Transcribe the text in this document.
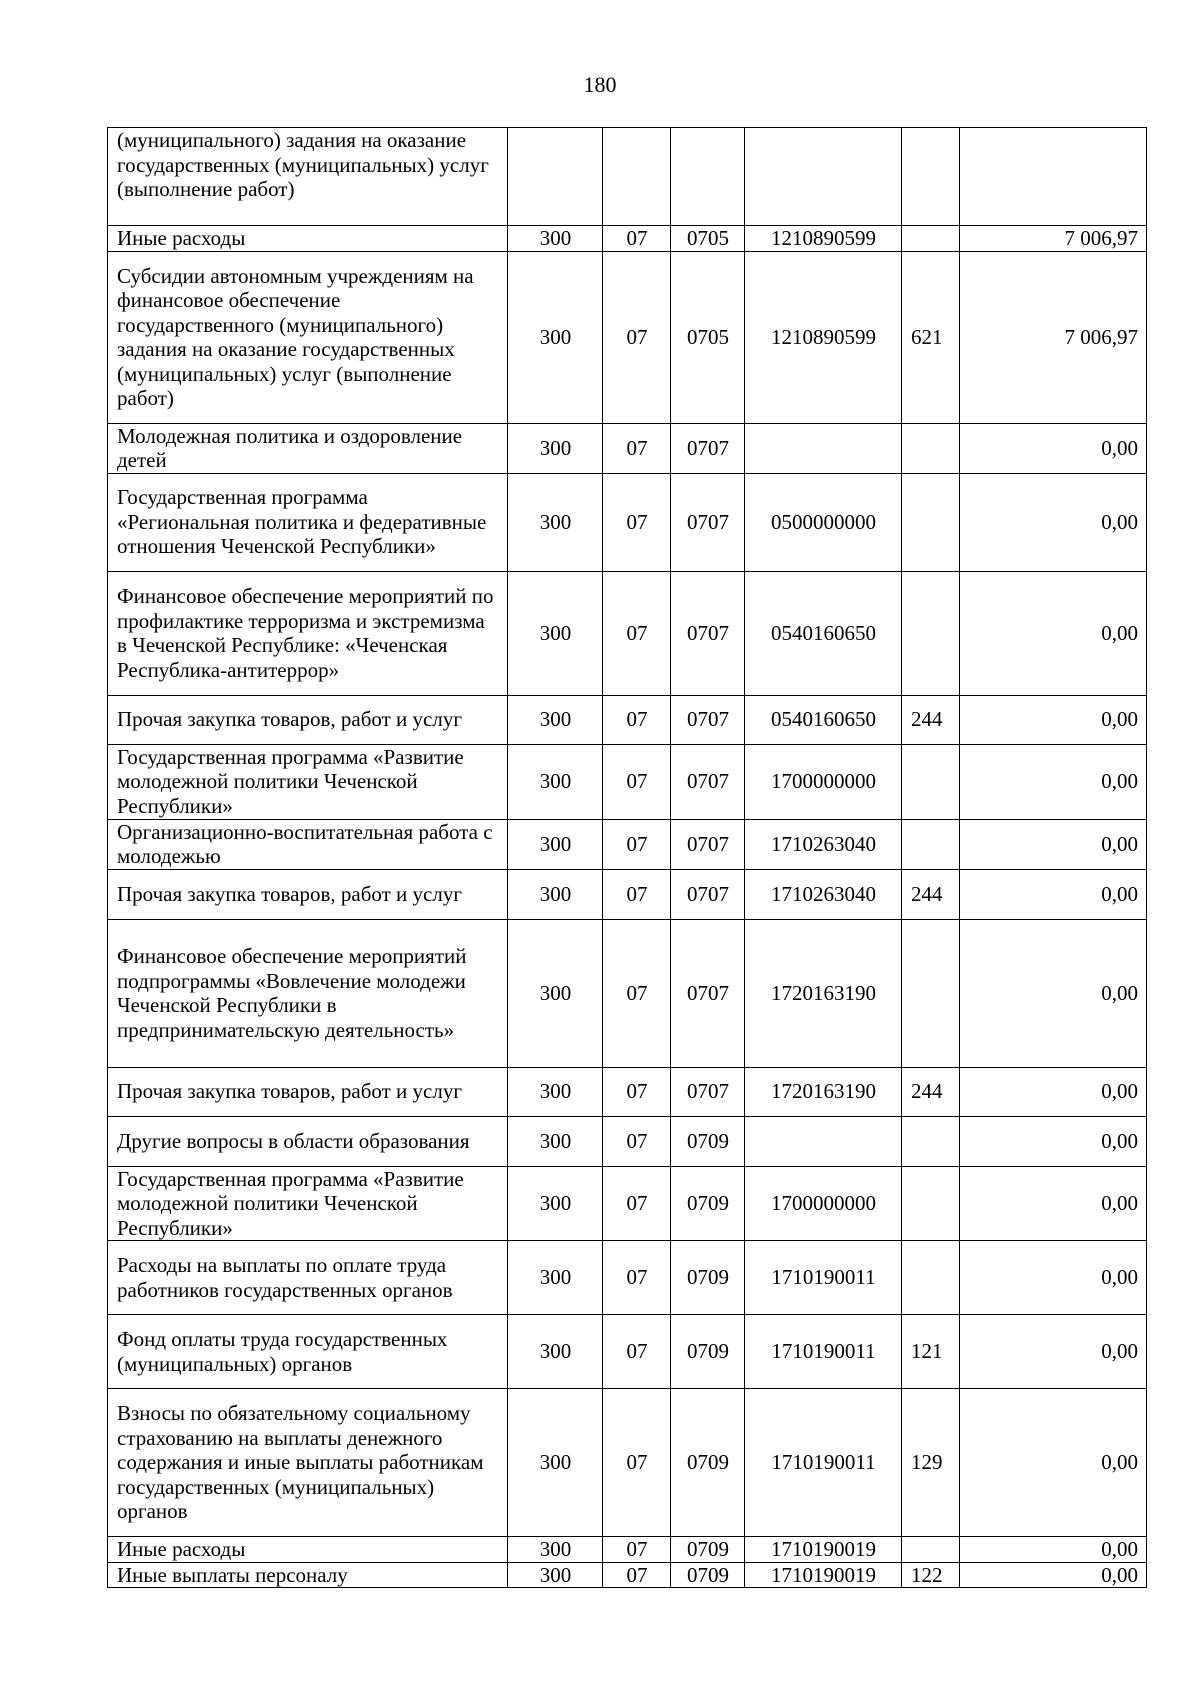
180
(муниципального) задания на оказание государственных (муниципальных) услуг (выполнение работ)						
Иные расходы	300	07	0705	1210890599		7 006,97
Субсидии автономным учреждениям на финансовое обеспечение государственного (муниципального) задания на оказание государственных (муниципальных) услуг (выполнение работ)	300	07	0705	1210890599	621	7 006,97
Молодежная политика и оздоровление детей	300	07	0707			0,00
Государственная программа «Региональная политика и федеративные отношения Чеченской Республики»	300	07	0707	0500000000		0,00
Финансовое обеспечение мероприятий по профилактике терроризма и экстремизма в Чеченской Республике: «Чеченская Республика-антитеррор»	300	07	0707	0540160650		0,00
Прочая закупка товаров, работ и услуг	300	07	0707	0540160650	244	0,00
Государственная программа «Развитие молодежной политики Чеченской Республики»	300	07	0707	1700000000		0,00
Организационно-воспитательная работа с молодежью	300	07	0707	1710263040		0,00
Прочая закупка товаров, работ и услуг	300	07	0707	1710263040	244	0,00
Финансовое обеспечение мероприятий подпрограммы «Вовлечение молодежи Чеченской Республики в предпринимательскую деятельность»	300	07	0707	1720163190		0,00
Прочая закупка товаров, работ и услуг	300	07	0707	1720163190	244	0,00
Другие вопросы в области образования	300	07	0709			0,00
Государственная программа «Развитие молодежной политики Чеченской Республики»	300	07	0709	1700000000		0,00
Расходы на выплаты по оплате труда работников государственных органов	300	07	0709	1710190011		0,00
Фонд оплаты труда государственных (муниципальных) органов	300	07	0709	1710190011	121	0,00
Взносы по обязательному социальному страхованию на выплаты денежного содержания и иные выплаты работникам государственных (муниципальных) органов	300	07	0709	1710190011	129	0,00
Иные расходы	300	07	0709	1710190019		0,00
Иные выплаты персоналу	300	07	0709	1710190019	122	0,00
